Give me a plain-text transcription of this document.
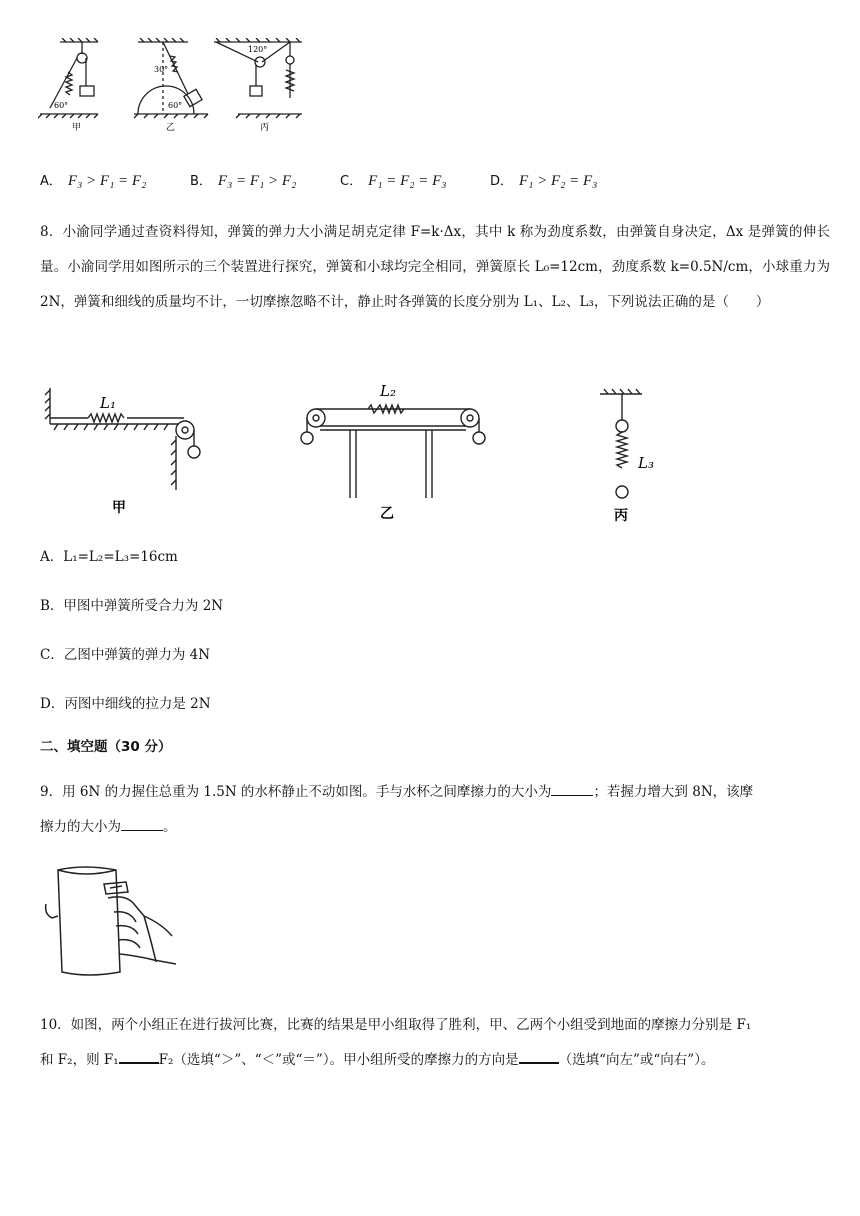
60°
30°
60°
120°
甲	乙	丙
A． F₃ > F₁ = F₂	B． F₃ = F₁ > F₂	C． F₁ = F₂ = F₃	D． F₁ > F₂ = F₃
8．小渝同学通过查资料得知，弹簧的弹力大小满足胡克定律 F=k·Δx，其中 k 称为劲度系数，由弹簧自身决定，Δx 是弹簧的伸长量。小渝同学用如图所示的三个装置进行探究，弹簧和小球均完全相同，弹簧原长 L₀=12cm，劲度系数 k=0.5N/cm，小球重力为 2N，弹簧和细线的质量均不计，一切摩擦忽略不计，静止时各弹簧的长度分别为 L₁、L₂、L₃，下列说法正确的是（　　）
L₁
L₂
L₃
甲	乙	丙
A．L₁=L₂=L₃=16cm
B．甲图中弹簧所受合力为 2N
C．乙图中弹簧的弹力为 4N
D．丙图中细线的拉力是 2N
二、填空题（30 分）
9．用 6N 的力握住总重为 1.5N 的水杯静止不动如图。手与水杯之间摩擦力的大小为	；若握力增大到 8N，该摩
擦力的大小为	。
10．如图，两个小组正在进行拔河比赛，比赛的结果是甲小组取得了胜利，甲、乙两个小组受到地面的摩擦力分别是 F₁
和 F₂，则 F₁	F₂（选填“＞”、“＜”或“＝”）。甲小组所受的摩擦力的方向是	（选填“向左”或“向右”）。
